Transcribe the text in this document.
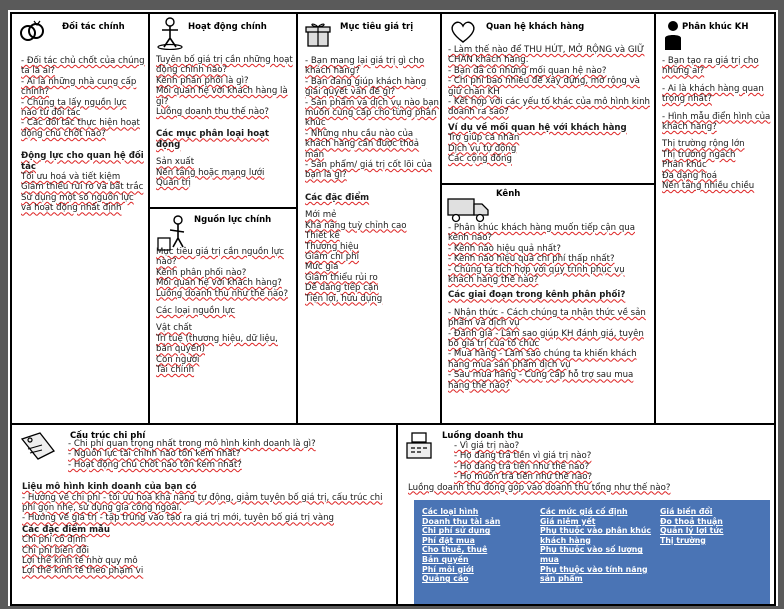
Đối tác chính
- Đối tác chủ chốt của chúng ta là ai?
- Ai là những nhà cung cấp chính?
- Chúng ta lấy nguồn lực nào từ đối tác
- Các đối tác thực hiện hoạt động chủ chốt nào?
Động lực cho quan hệ đối tác
Tối ưu hoá và tiết kiệm
Giảm thiểu rủi ro và bất trắc
Sử dụng một số nguồn lực và hoạt động nhất định
Hoạt động chính
Tuyên bố giá trị cần những hoạt động chính nào?
Kênh phân phối là gì?
Mối quan hệ với khách hàng là gì?
Luồng doanh thu thế nào?
Các mục phân loại hoạt động
Sản xuất
Nền tảng hoặc mạng lưới
Quản trị
Nguồn lực chính
Mục tiêu giá trị cần nguồn lực nào?
Kênh phân phối nào?
Mối quan hệ với khách hàng?
Luồng doanh thu như thế nào?
Các loại nguồn lực
Vật chất
Trí tuệ (thương hiệu, dữ liệu, bản quyền)
Con người
Tài chính
Mục tiêu giá trị
- Bạn mang lại giá trị gì cho khách hàng?
- Bạn đang giúp khách hàng giải quyết vấn đề gì?
- Sản phẩm và dịch vụ nào bạn muốn cung cấp cho từng phân khúc
- Những nhu cầu nào của khách hàng cần được thoả mãn
- Sản phẩm/ giá trị cốt lõi của bạn là gì?
Các đặc điểm
Mới mẻ
Khả năng tuỳ chỉnh cao
Thiết kế
Thương hiệu
Giảm chi phí
Mức giá
Giảm thiểu rủi ro
Dễ dàng tiếp cận
Tiện lợi, hữu dụng
Quan hệ khách hàng
- Làm thế nào để THU HÚT, MỞ RỘNG và GIỮ CHÂN khách hàng.
- Bạn đã có những mối quan hệ nào?
- Chi phí bao nhiêu để xây dựng, mở rộng và giữ chân KH
- Kết hợp với các yếu tố khác của mô hình kinh doanh ra sao?
Ví dụ về mối quan hệ với khách hàng
Trợ giúp cá nhân
Dịch vụ tự động
Các cộng đồng
Kênh
- Phân khúc khách hàng muốn tiếp cận qua kênh nào?
- Kênh nào hiệu quả nhất?
- Kênh nào hiệu quả chi phí thấp nhất?
- Chúng ta tích hợp với quy trình phục vụ khách hàng thế nào?
Các giai đoạn trong kênh phân phối?
- Nhận thức - Cách chúng ta nhận thức về sản phẩm và dịch vụ
- Đánh giá - Làm sao giúp KH đánh giá, tuyên bố giá trị của tổ chức
- Mua hàng - Làm sao chúng ta khiến khách hàng mua sản phẩm dịch vụ
- Sau mua hàng - Cung cấp hỗ trợ sau mua hàng thế nào?
Phân khúc KH
- Bạn tạo ra giá trị cho những ai?
- Ai là khách hàng quan trọng nhất?
- Hình mẫu điển hình của khách hàng?
Thị trường rộng lớn
Thị trường ngách
Phân khúc
Đa dạng hoá
Nền tảng nhiều chiều
Cấu trúc chi phí
- Chi phí quan trọng nhất trong mô hình kinh doanh là gì?
- Nguồn lực tài chính nào tốn kém nhất?
- Hoạt động chủ chốt nào tốn kém nhất?
Liệu mô hình kinh doanh của bạn có
- Hướng về chi phí - tối ưu hoá khả năng tự động, giảm tuyên bố giá trị, cấu trúc chi phí gọn nhẹ, sử dụng gia công ngoài.
- Hướng về giá trị - tập trung vào tạo ra giá trị mới, tuyên bố giá trị vàng
Các đặc điểm mẫu
Chi phí cố định
Chi phí biến đổi
Lợi thế kinh tế nhờ quy mô
Lợi thế kinh tế theo phạm vi
Luồng doanh thu
- Vì giá trị nào?
- Họ đang trả tiền vì giá trị nào?
- Họ đang trả tiền như thế nào?
- Họ muốn trả tiền như thế nào?
Luồng doanh thu đóng góp vào doanh thu tổng như thế nào?
Các loại hình
Doanh thu tài sản
Chi phí sử dụng
Phí đặt mua
Cho thuê, thuê
Bản quyền
Phí môi giới
Quảng cáo
Các mức giá cố định
Giá niêm yết
Phụ thuộc vào phân khúc khách hàng
Phụ thuộc vào số lượng mua
Phụ thuộc vào tính năng sản phẩm
Giá biến đổi
Đo thoả thuận
Quản lý lợi tức
Thị trường
